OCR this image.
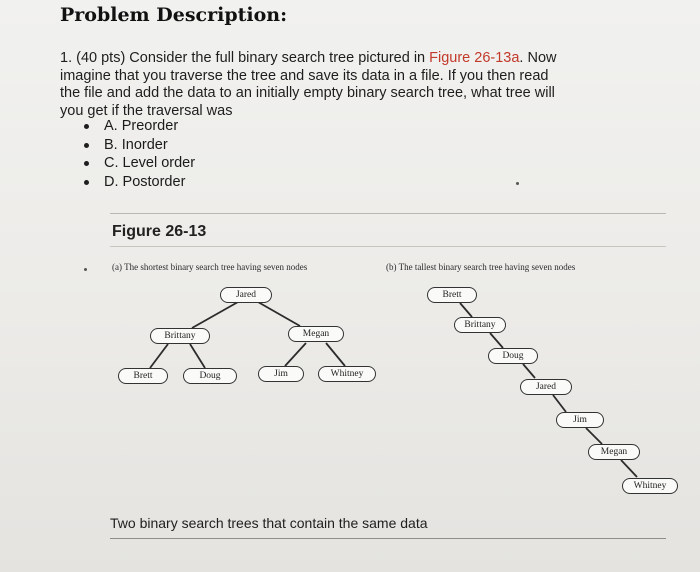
Problem Description:
1. (40 pts) Consider the full binary search tree pictured in Figure 26-13a. Now imagine that you traverse the tree and save its data in a file. If you then read the file and add the data to an initially empty binary search tree, what tree will you get if the traversal was
A. Preorder
B. Inorder
C. Level order
D. Postorder
Figure 26-13
(a) The shortest binary search tree having seven nodes	(b) The tallest binary search tree having seven nodes
Jared
Brittany	Megan
Brett	Doug	Jim	Whitney
Brett
Brittany
Doug
Jared
Jim
Megan
Whitney
Two binary search trees that contain the same data
